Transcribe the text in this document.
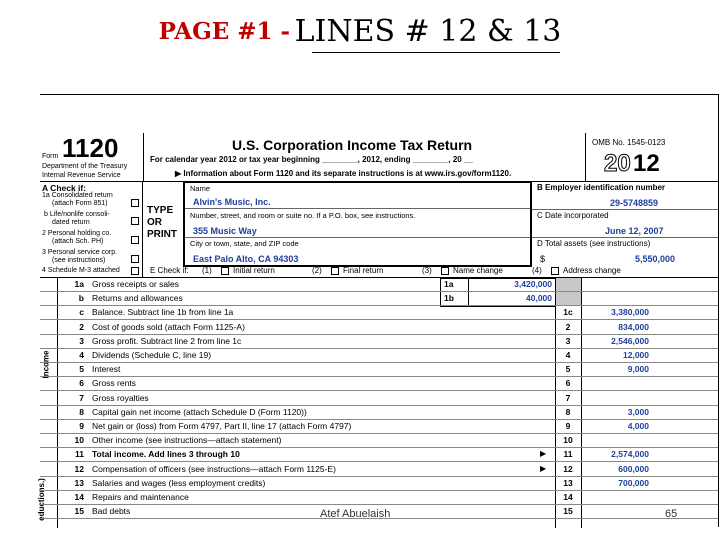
PAGE #1 - LINES # 12 & 13
Form 1120
Department of the Treasury
Internal Revenue Service
U.S. Corporation Income Tax Return
For calendar year 2012 or tax year beginning ________, 2012, ending ________, 20 __
▶ Information about Form 1120 and its separate instructions is at www.irs.gov/form1120.
OMB No. 1545-0123
20 12
A Check if:
1a Consolidated return
(attach Form 851)
b Life/nonlife consoli-
dated return
2 Personal holding co.
(attach Sch. PH)
3 Personal service corp.
(see instructions)
4 Schedule M-3 attached
TYPE
OR
PRINT
Name
Alvin's Music, Inc.
Number, street, and room or suite no. If a P.O. box, see instructions.
355 Music Way
City or town, state, and ZIP code
East Palo Alto, CA 94303
B Employer identification number
29-5748859
C Date incorporated
June 12, 2007
D Total assets (see instructions)
$	5,550,000
E Check if: (1)	Initial return	(2)	Final return	(3)	Name change	(4)	Address change
Income
eductions.)
1a Gross receipts or sales	1a	3,420,000
b Returns and allowances	1b	40,000
c Balance. Subtract line 1b from line 1a	1c	3,380,000
2 Cost of goods sold (attach Form 1125-A)	2	834,000
3 Gross profit. Subtract line 2 from line 1c	3	2,546,000
4 Dividends (Schedule C, line 19)	4	12,000
5 Interest	5	9,000
6 Gross rents	6
7 Gross royalties	7
8 Capital gain net income (attach Schedule D (Form 1120))	8	3,000
9 Net gain or (loss) from Form 4797, Part II, line 17 (attach Form 4797)	9	4,000
10 Other income (see instructions—attach statement)	10
11 Total income. Add lines 3 through 10	11	2,574,000
12 Compensation of officers (see instructions—attach Form 1125-E)	12	600,000
13 Salaries and wages (less employment credits)	13	700,000
14 Repairs and maintenance	14
15 Bad debts	15
▶
▶
Atef Abuelaish	65
